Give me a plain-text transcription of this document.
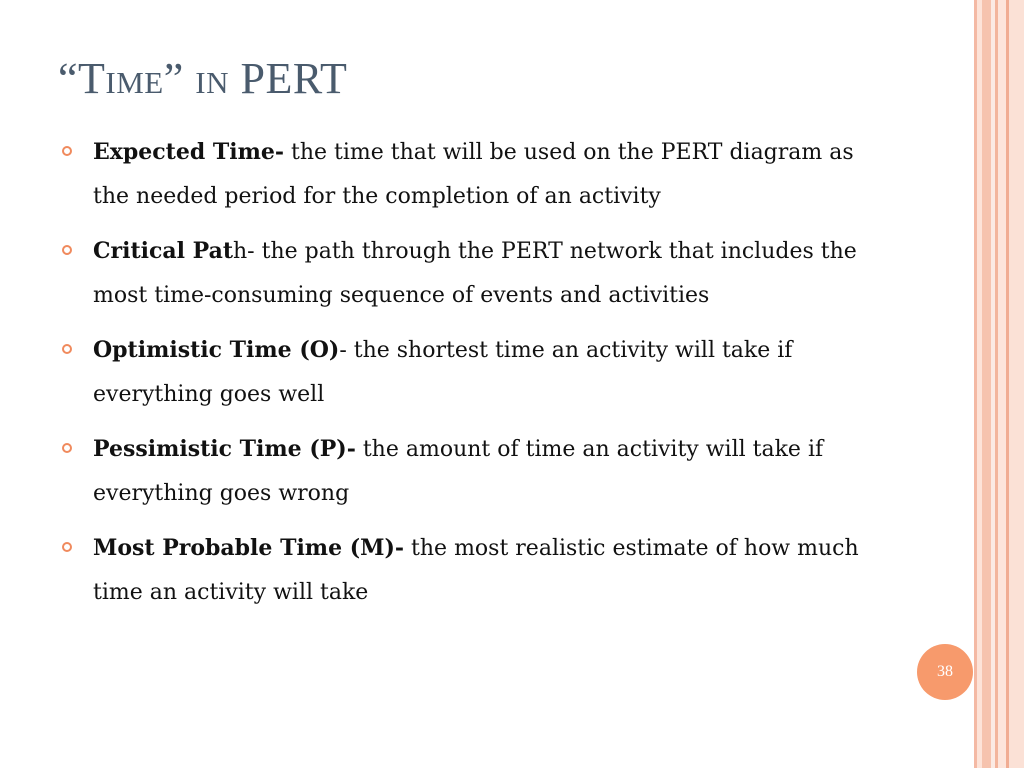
“Time” in PERT
Expected Time- the time that will be used on the PERT diagram as the needed period for the completion of an activity
Critical Path- the path through the PERT network that includes the most time-consuming sequence of events and activities
Optimistic Time (O)- the shortest time an activity will take if everything goes well
Pessimistic Time (P)- the amount of time an activity will take if everything goes wrong
Most Probable Time (M)- the most realistic estimate of how much time an activity will take
38
